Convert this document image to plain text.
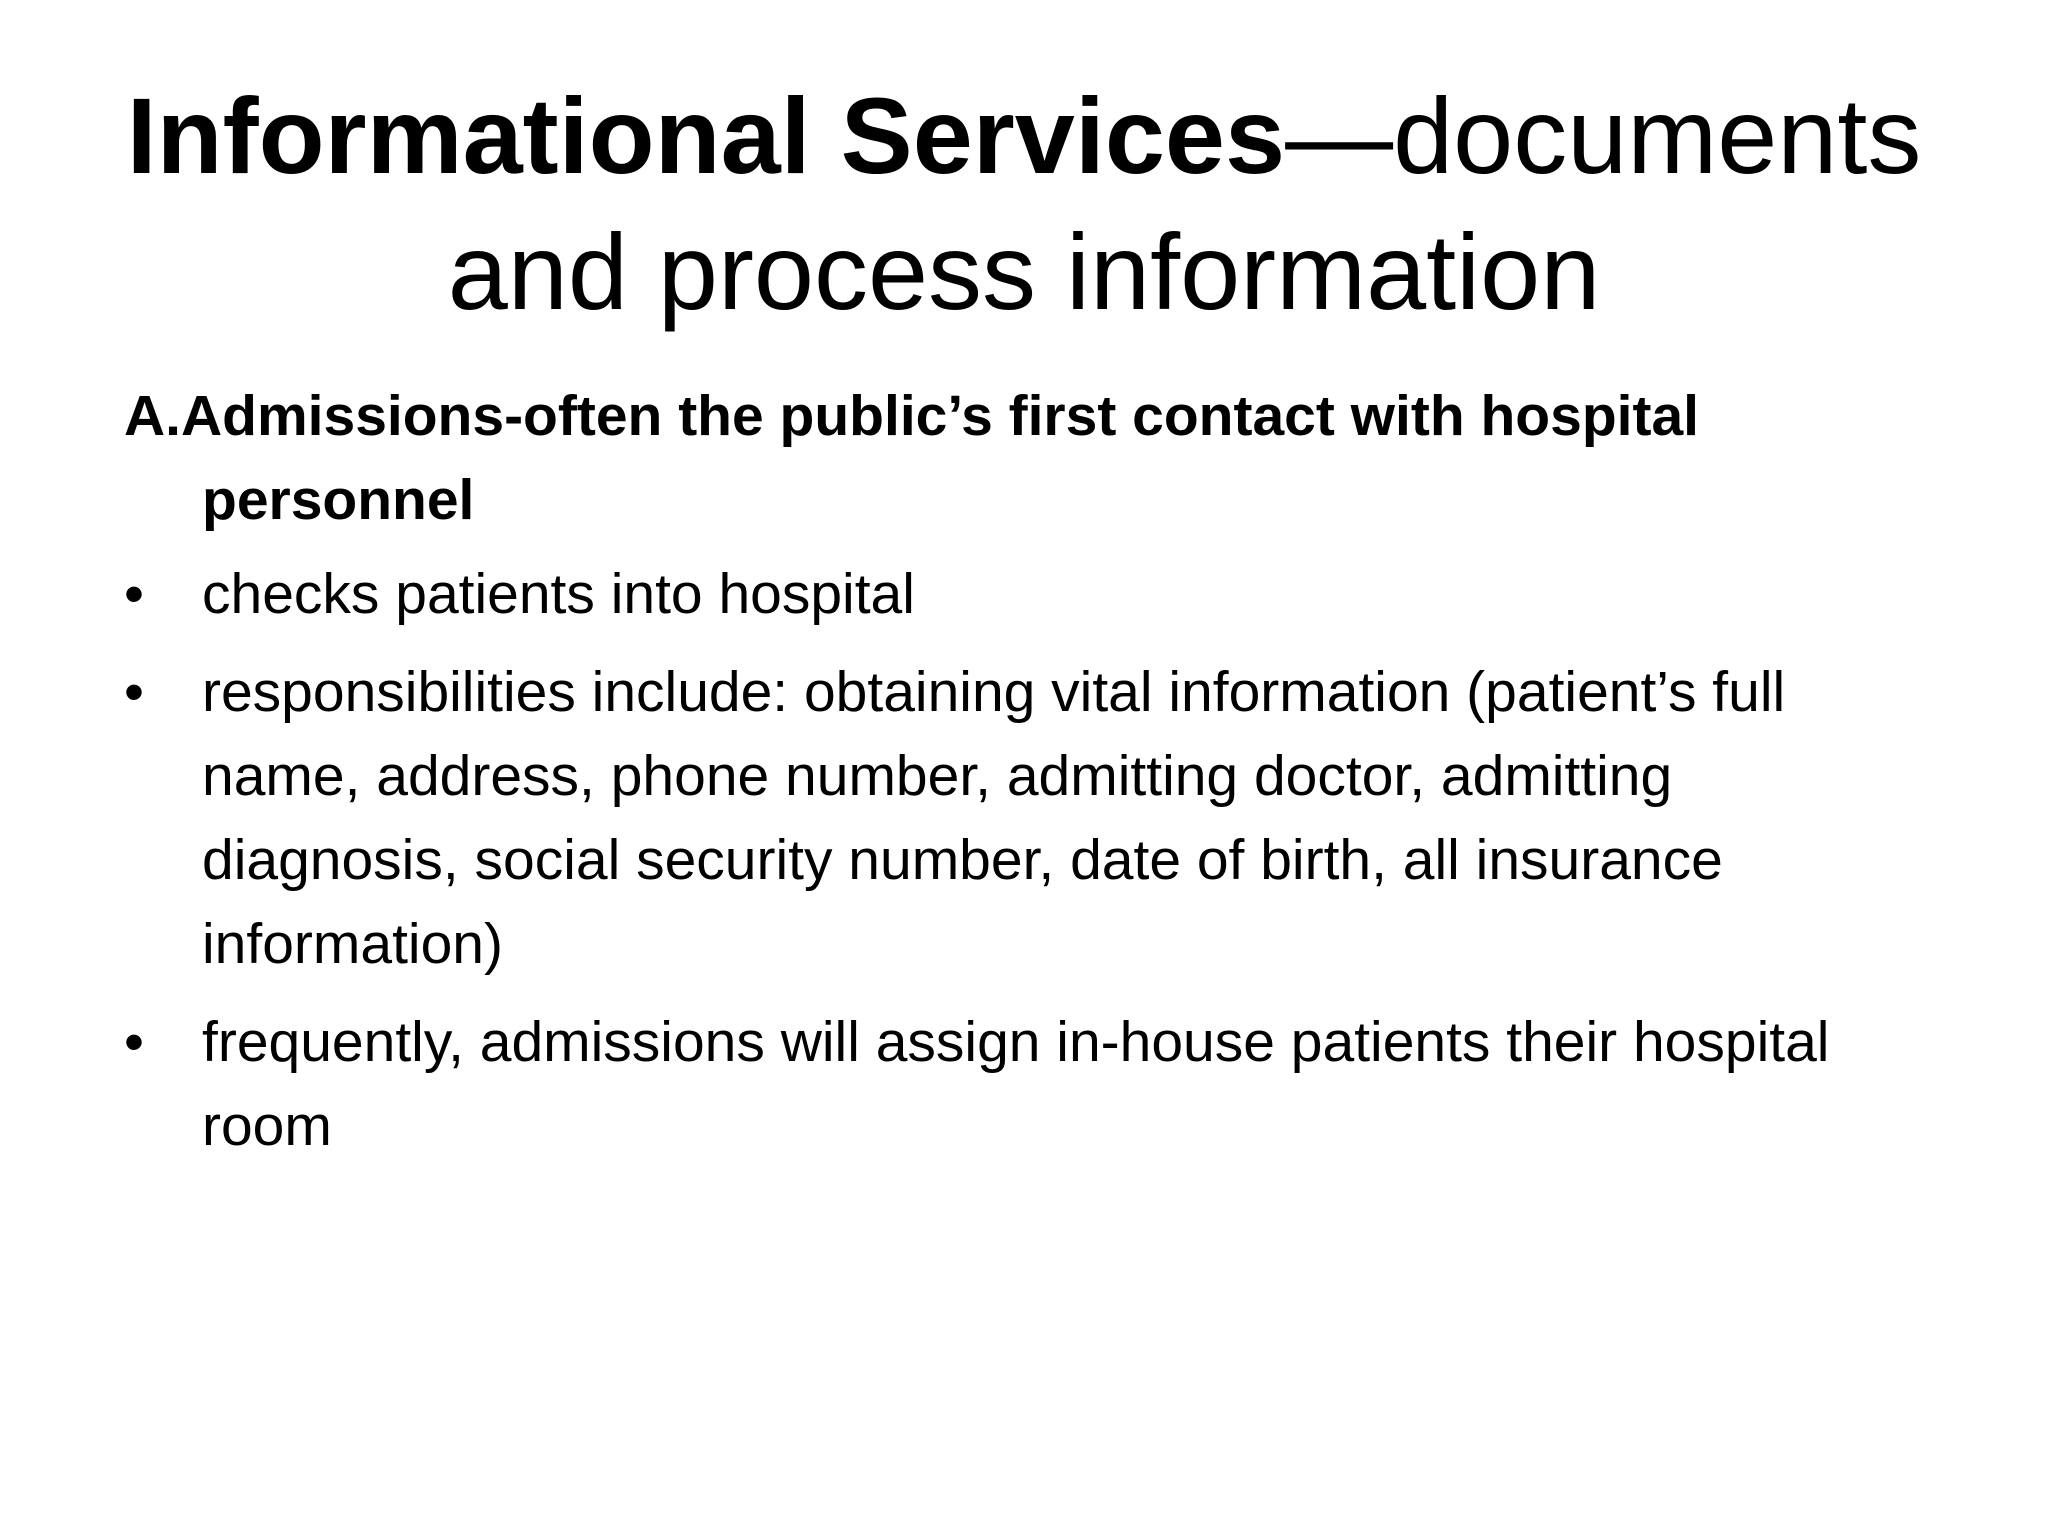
Informational Services—documents and process information

A.Admissions-often the public’s first contact with hospital personnel

•	checks patients into hospital
•	responsibilities include: obtaining vital information (patient’s full name, address, phone number, admitting doctor, admitting diagnosis, social security number, date of birth, all insurance information)
•	frequently, admissions will assign in-house patients their hospital room
